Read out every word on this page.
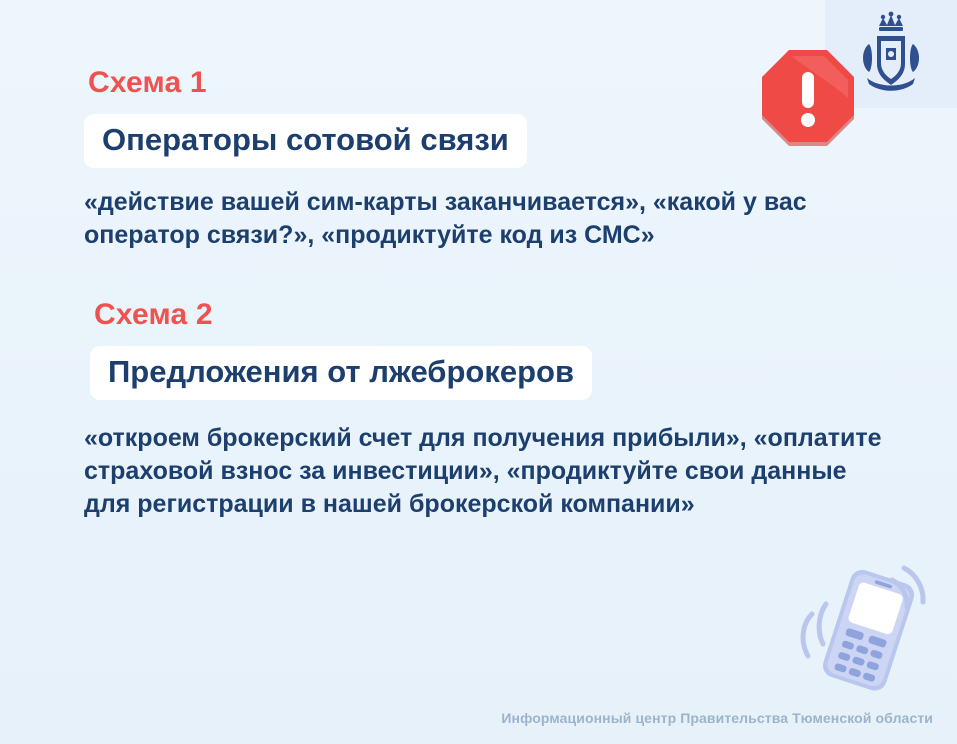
Схема 1
Операторы сотовой связи

«действие вашей сим-карты заканчивается», «какой у вас оператор связи?», «продиктуйте код из СМС»

Схема 2
Предложения от лжеброкеров

«откроем брокерский счет для получения прибыли», «оплатите страховой взнос за инвестиции», «продиктуйте свои данные для регистрации в нашей брокерской компании»

Информационный центр Правительства Тюменской области
